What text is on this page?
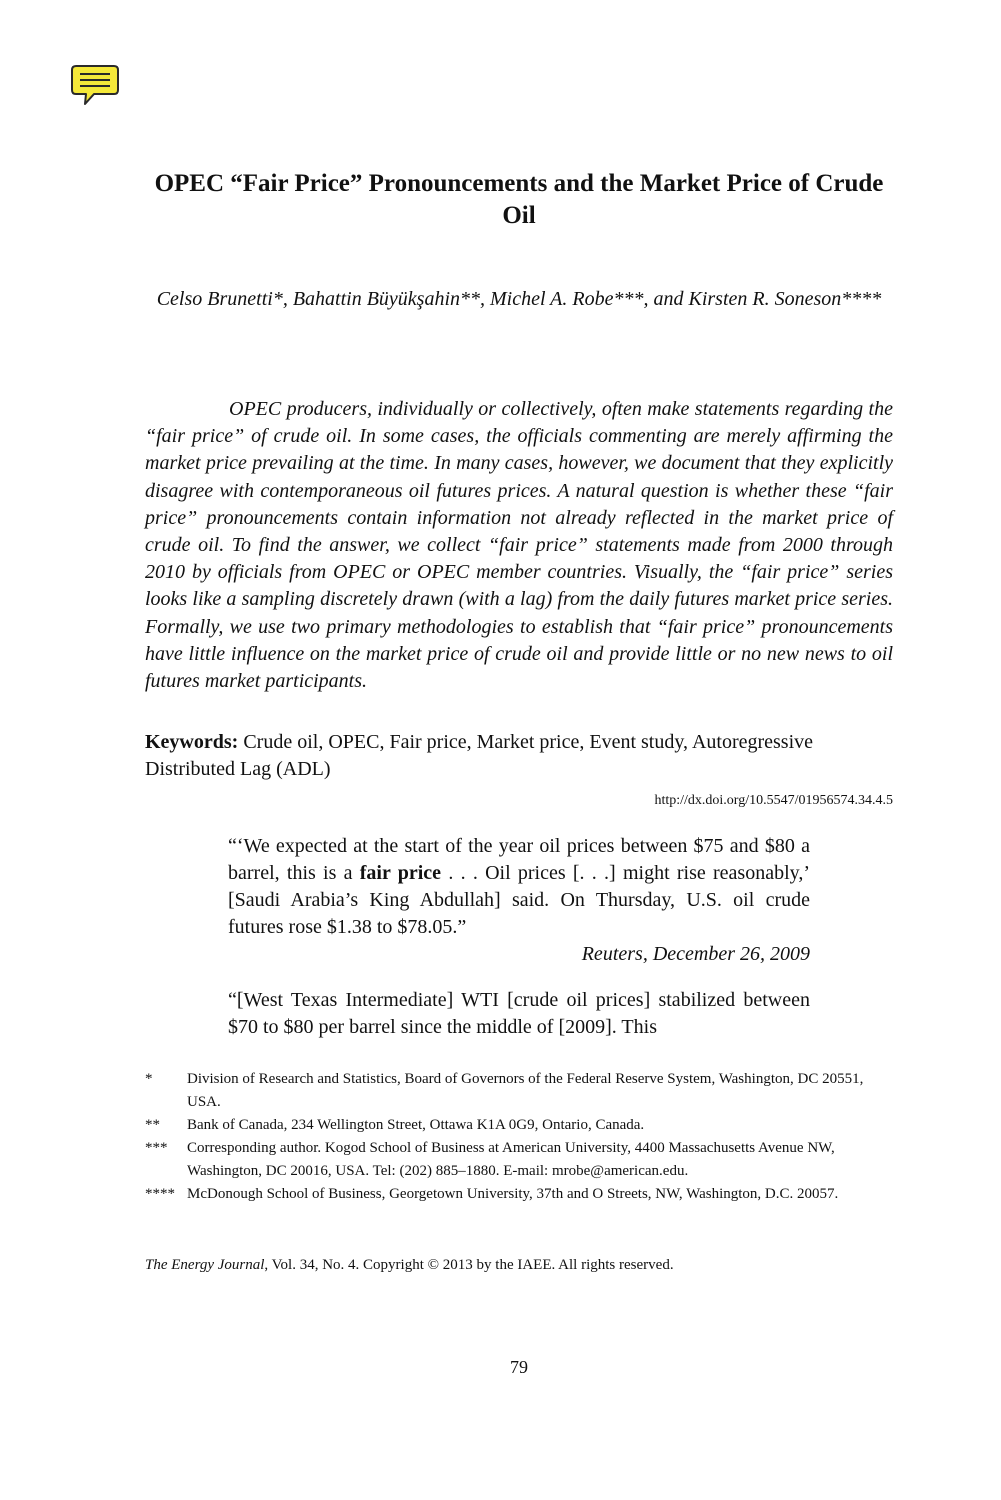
OPEC “Fair Price” Pronouncements and the Market Price of Crude Oil
Celso Brunetti*, Bahattin Büyükşahin**, Michel A. Robe***, and Kirsten R. Soneson****

OPEC producers, individually or collectively, often make statements regarding the “fair price” of crude oil. In some cases, the officials commenting are merely affirming the market price prevailing at the time. In many cases, however, we document that they explicitly disagree with contemporaneous oil futures prices. A natural question is whether these “fair price” pronouncements contain information not already reflected in the market price of crude oil. To find the answer, we collect “fair price” statements made from 2000 through 2010 by officials from OPEC or OPEC member countries. Visually, the “fair price” series looks like a sampling discretely drawn (with a lag) from the daily futures market price series. Formally, we use two primary methodologies to establish that “fair price” pronouncements have little influence on the market price of crude oil and provide little or no new news to oil futures market participants.

Keywords: Crude oil, OPEC, Fair price, Market price, Event study, Autoregressive Distributed Lag (ADL)

http://dx.doi.org/10.5547/01956574.34.4.5

“‘We expected at the start of the year oil prices between $75 and $80 a barrel, this is a fair price . . . Oil prices [. . .] might rise reasonably,’ [Saudi Arabia’s King Abdullah] said. On Thursday, U.S. oil crude futures rose $1.38 to $78.05.”

Reuters, December 26, 2009

“[West Texas Intermediate] WTI [crude oil prices] stabilized between $70 to $80 per barrel since the middle of [2009]. This

*	Division of Research and Statistics, Board of Governors of the Federal Reserve System, Washington, DC 20551, USA.
**	Bank of Canada, 234 Wellington Street, Ottawa K1A 0G9, Ontario, Canada.
***	Corresponding author. Kogod School of Business at American University, 4400 Massachusetts Avenue NW, Washington, DC 20016, USA. Tel: (202) 885–1880. E-mail: mrobe@american.edu.
**** McDonough School of Business, Georgetown University, 37th and O Streets, NW, Washington, D.C. 20057.
The Energy Journal, Vol. 34, No. 4. Copyright © 2013 by the IAEE. All rights reserved.
79
